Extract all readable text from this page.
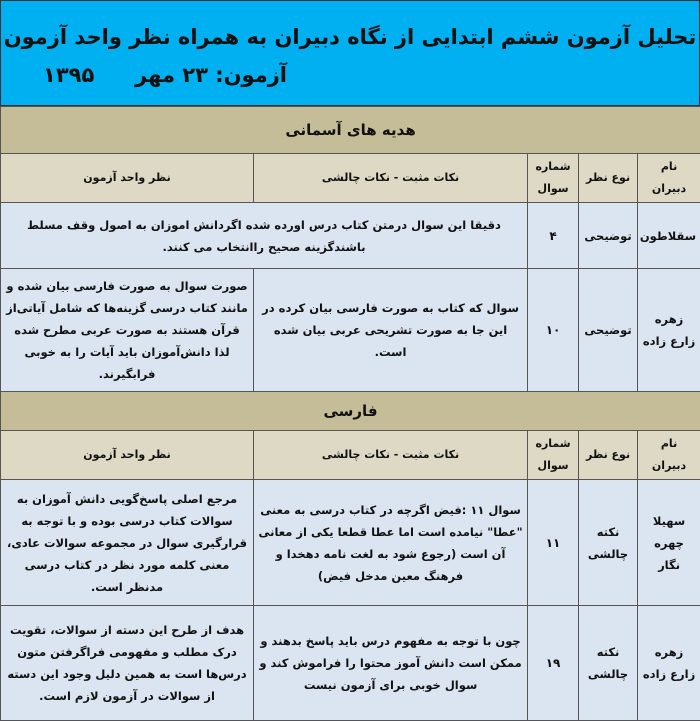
تحلیل آزمون ششم ابتدایی از نگاه دبیران به همراه نظر واحد آزمون
آزمون: ۲۳ مهر
۱۳۹۵
هدیه های آسمانی				
نام دبیران	نوع نظر	شماره سوال	نکات مثبت - نکات چالشی	نظر واحد آزمون
سقلاطون	توضیحی	۴	دقیقا این سوال درمتن کتاب درس اورده شده اگردانش اموزان به اصول وقف مسلط باشندگزینه صحیح راانتخاب می کنند.	
زهره زارع زاده	توضیحی	۱۰	سوال که کتاب به صورت فارسی بیان کرده در این جا به صورت تشریحی عربی بیان شده است.	صورت سوال به صورت فارسی بیان شده و مانند کتاب درسی گزینه‌ها که شامل آیاتی‌از قرآن هستند به صورت عربی مطرح شده لذا دانش‌آموزان باید آیات را به خوبی فرابگیرند.
فارسی				
نام دبیران	نوع نظر	شماره سوال	نکات مثبت - نکات چالشی	نظر واحد آزمون
سهیلا چهره نگار	نکته چالشی	۱۱	سوال ۱۱ :فیض اگرچه در کتاب درسی به معنی "عطا" نیامده است اما عطا قطعا یکی از معانی آن است (رجوع شود به لغت نامه دهخدا و فرهنگ معین مدخل فیض)	مرجع اصلی پاسخ‌گویی دانش آموزان به سوالات کتاب درسی بوده و با توجه به قرارگیری سوال در مجموعه سوالات عادی، معنی کلمه مورد نظر در کتاب درسی مدنظر است.
زهره زارع زاده	نکته چالشی	۱۹	چون با توجه به مفهوم درس باید پاسخ بدهند و ممکن است دانش آموز محتوا را فراموش کند و سوال خوبی برای آزمون نیست	هدف از طرح این دسته از سوالات، تقویت درک مطلب و مفهومی فراگرفتن متون درس‌ها است به همین دلیل وجود این دسته از سوالات در آزمون لازم است.
